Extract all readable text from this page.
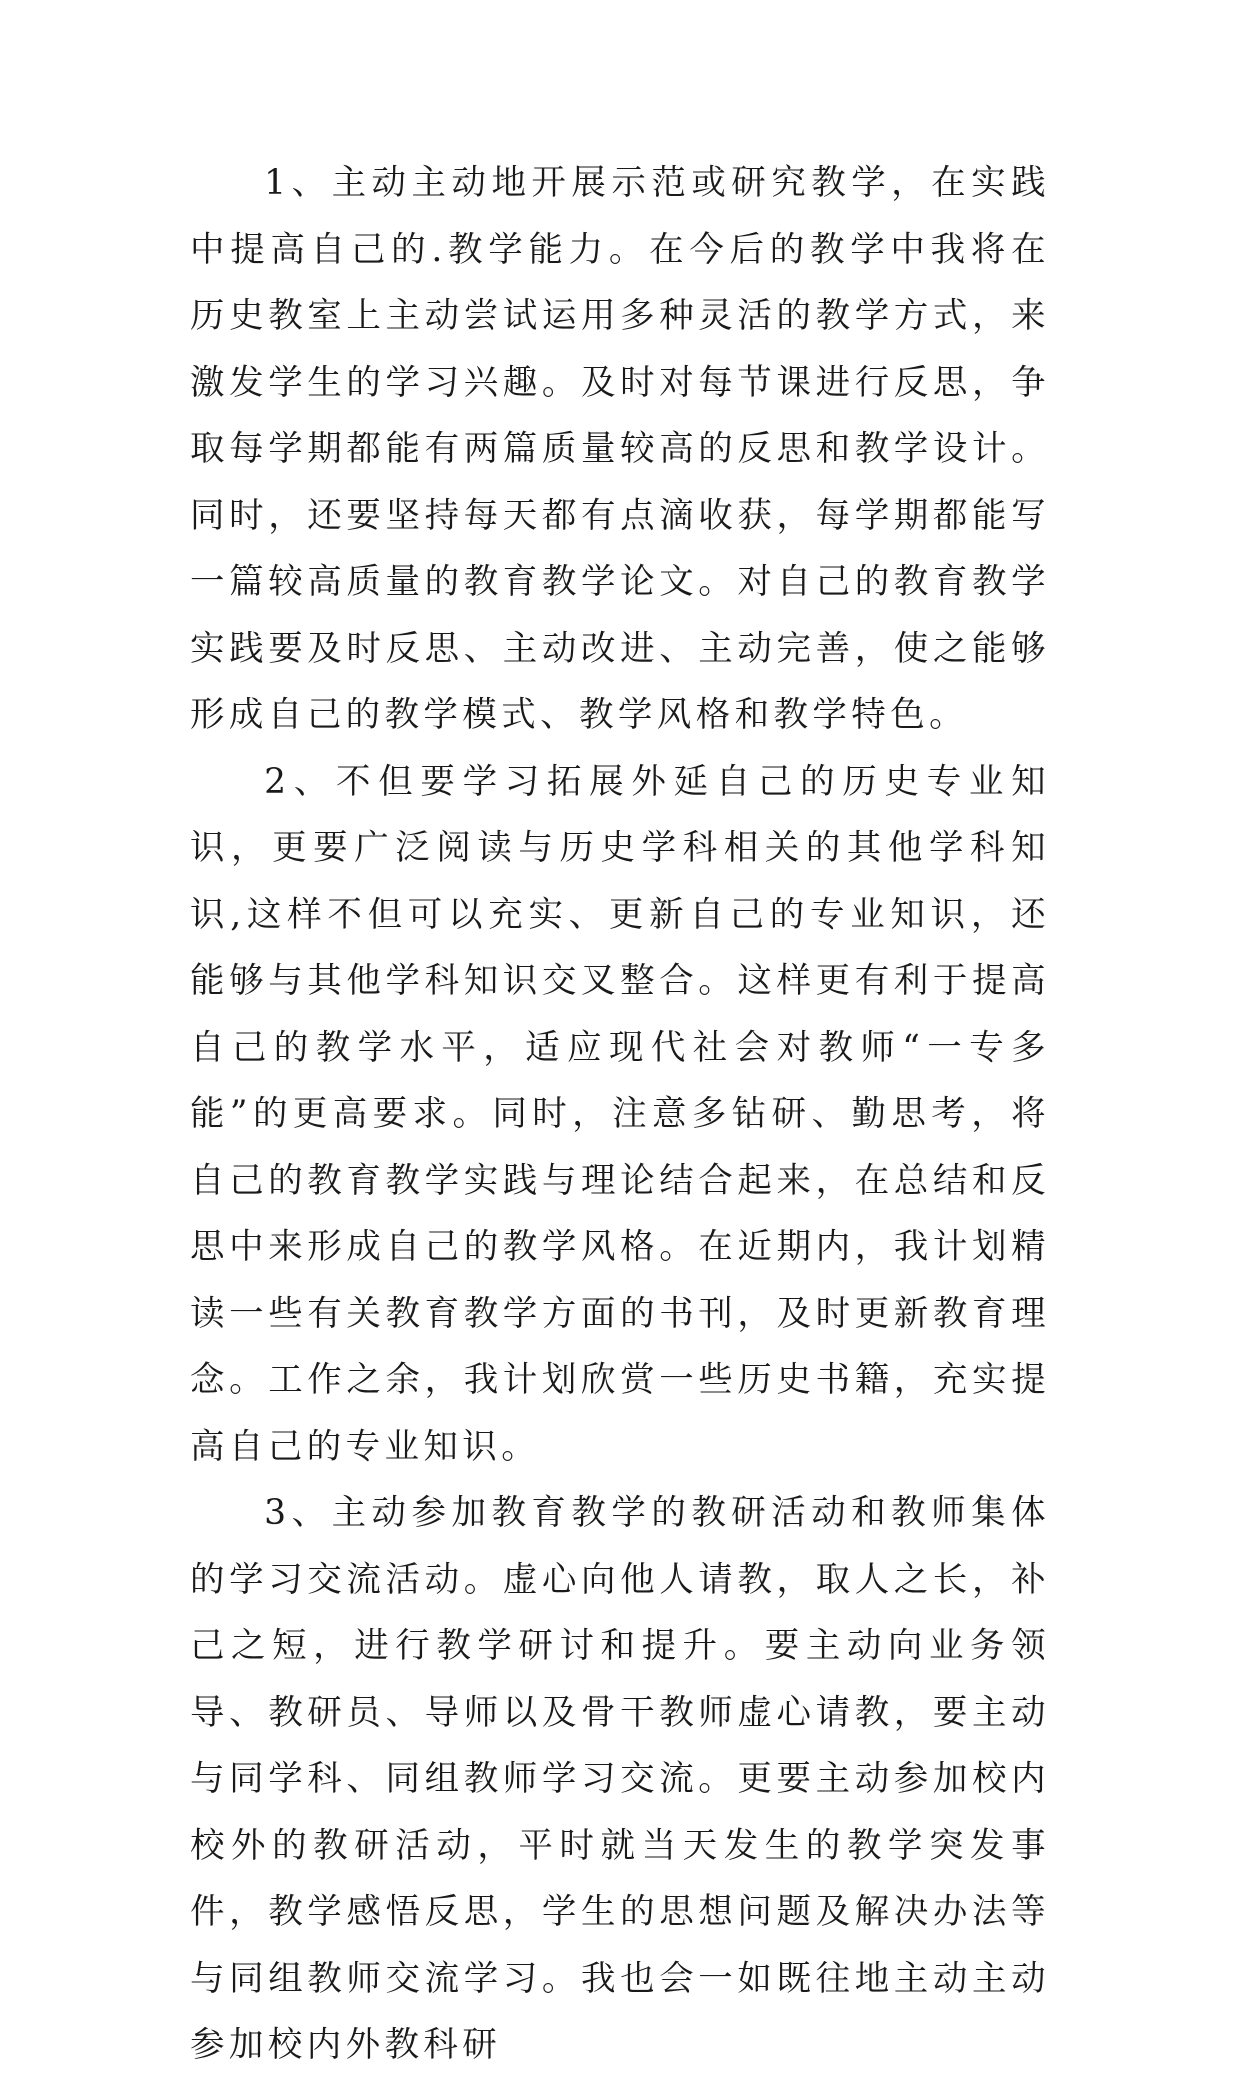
1、主动主动地开展示范或研究教学，在实践中提高自己的.教学能力。在今后的教学中我将在历史教室上主动尝试运用多种灵活的教学方式，来激发学生的学习兴趣。及时对每节课进行反思，争取每学期都能有两篇质量较高的反思和教学设计。同时，还要坚持每天都有点滴收获，每学期都能写一篇较高质量的教育教学论文。对自己的教育教学实践要及时反思、主动改进、主动完善，使之能够形成自己的教学模式、教学风格和教学特色。

2、不但要学习拓展外延自己的历史专业知识，更要广泛阅读与历史学科相关的其他学科知识,这样不但可以充实、更新自己的专业知识，还能够与其他学科知识交叉整合。这样更有利于提高自己的教学水平，适应现代社会对教师“一专多能”的更高要求。同时，注意多钻研、勤思考，将自己的教育教学实践与理论结合起来，在总结和反思中来形成自己的教学风格。在近期内，我计划精读一些有关教育教学方面的书刊，及时更新教育理念。工作之余，我计划欣赏一些历史书籍，充实提高自己的专业知识。

3、主动参加教育教学的教研活动和教师集体的学习交流活动。虚心向他人请教，取人之长，补己之短，进行教学研讨和提升。要主动向业务领导、教研员、导师以及骨干教师虚心请教，要主动与同学科、同组教师学习交流。更要主动参加校内校外的教研活动，平时就当天发生的教学突发事件，教学感悟反思，学生的思想问题及解决办法等与同组教师交流学习。我也会一如既往地主动主动参加校内外教科研
